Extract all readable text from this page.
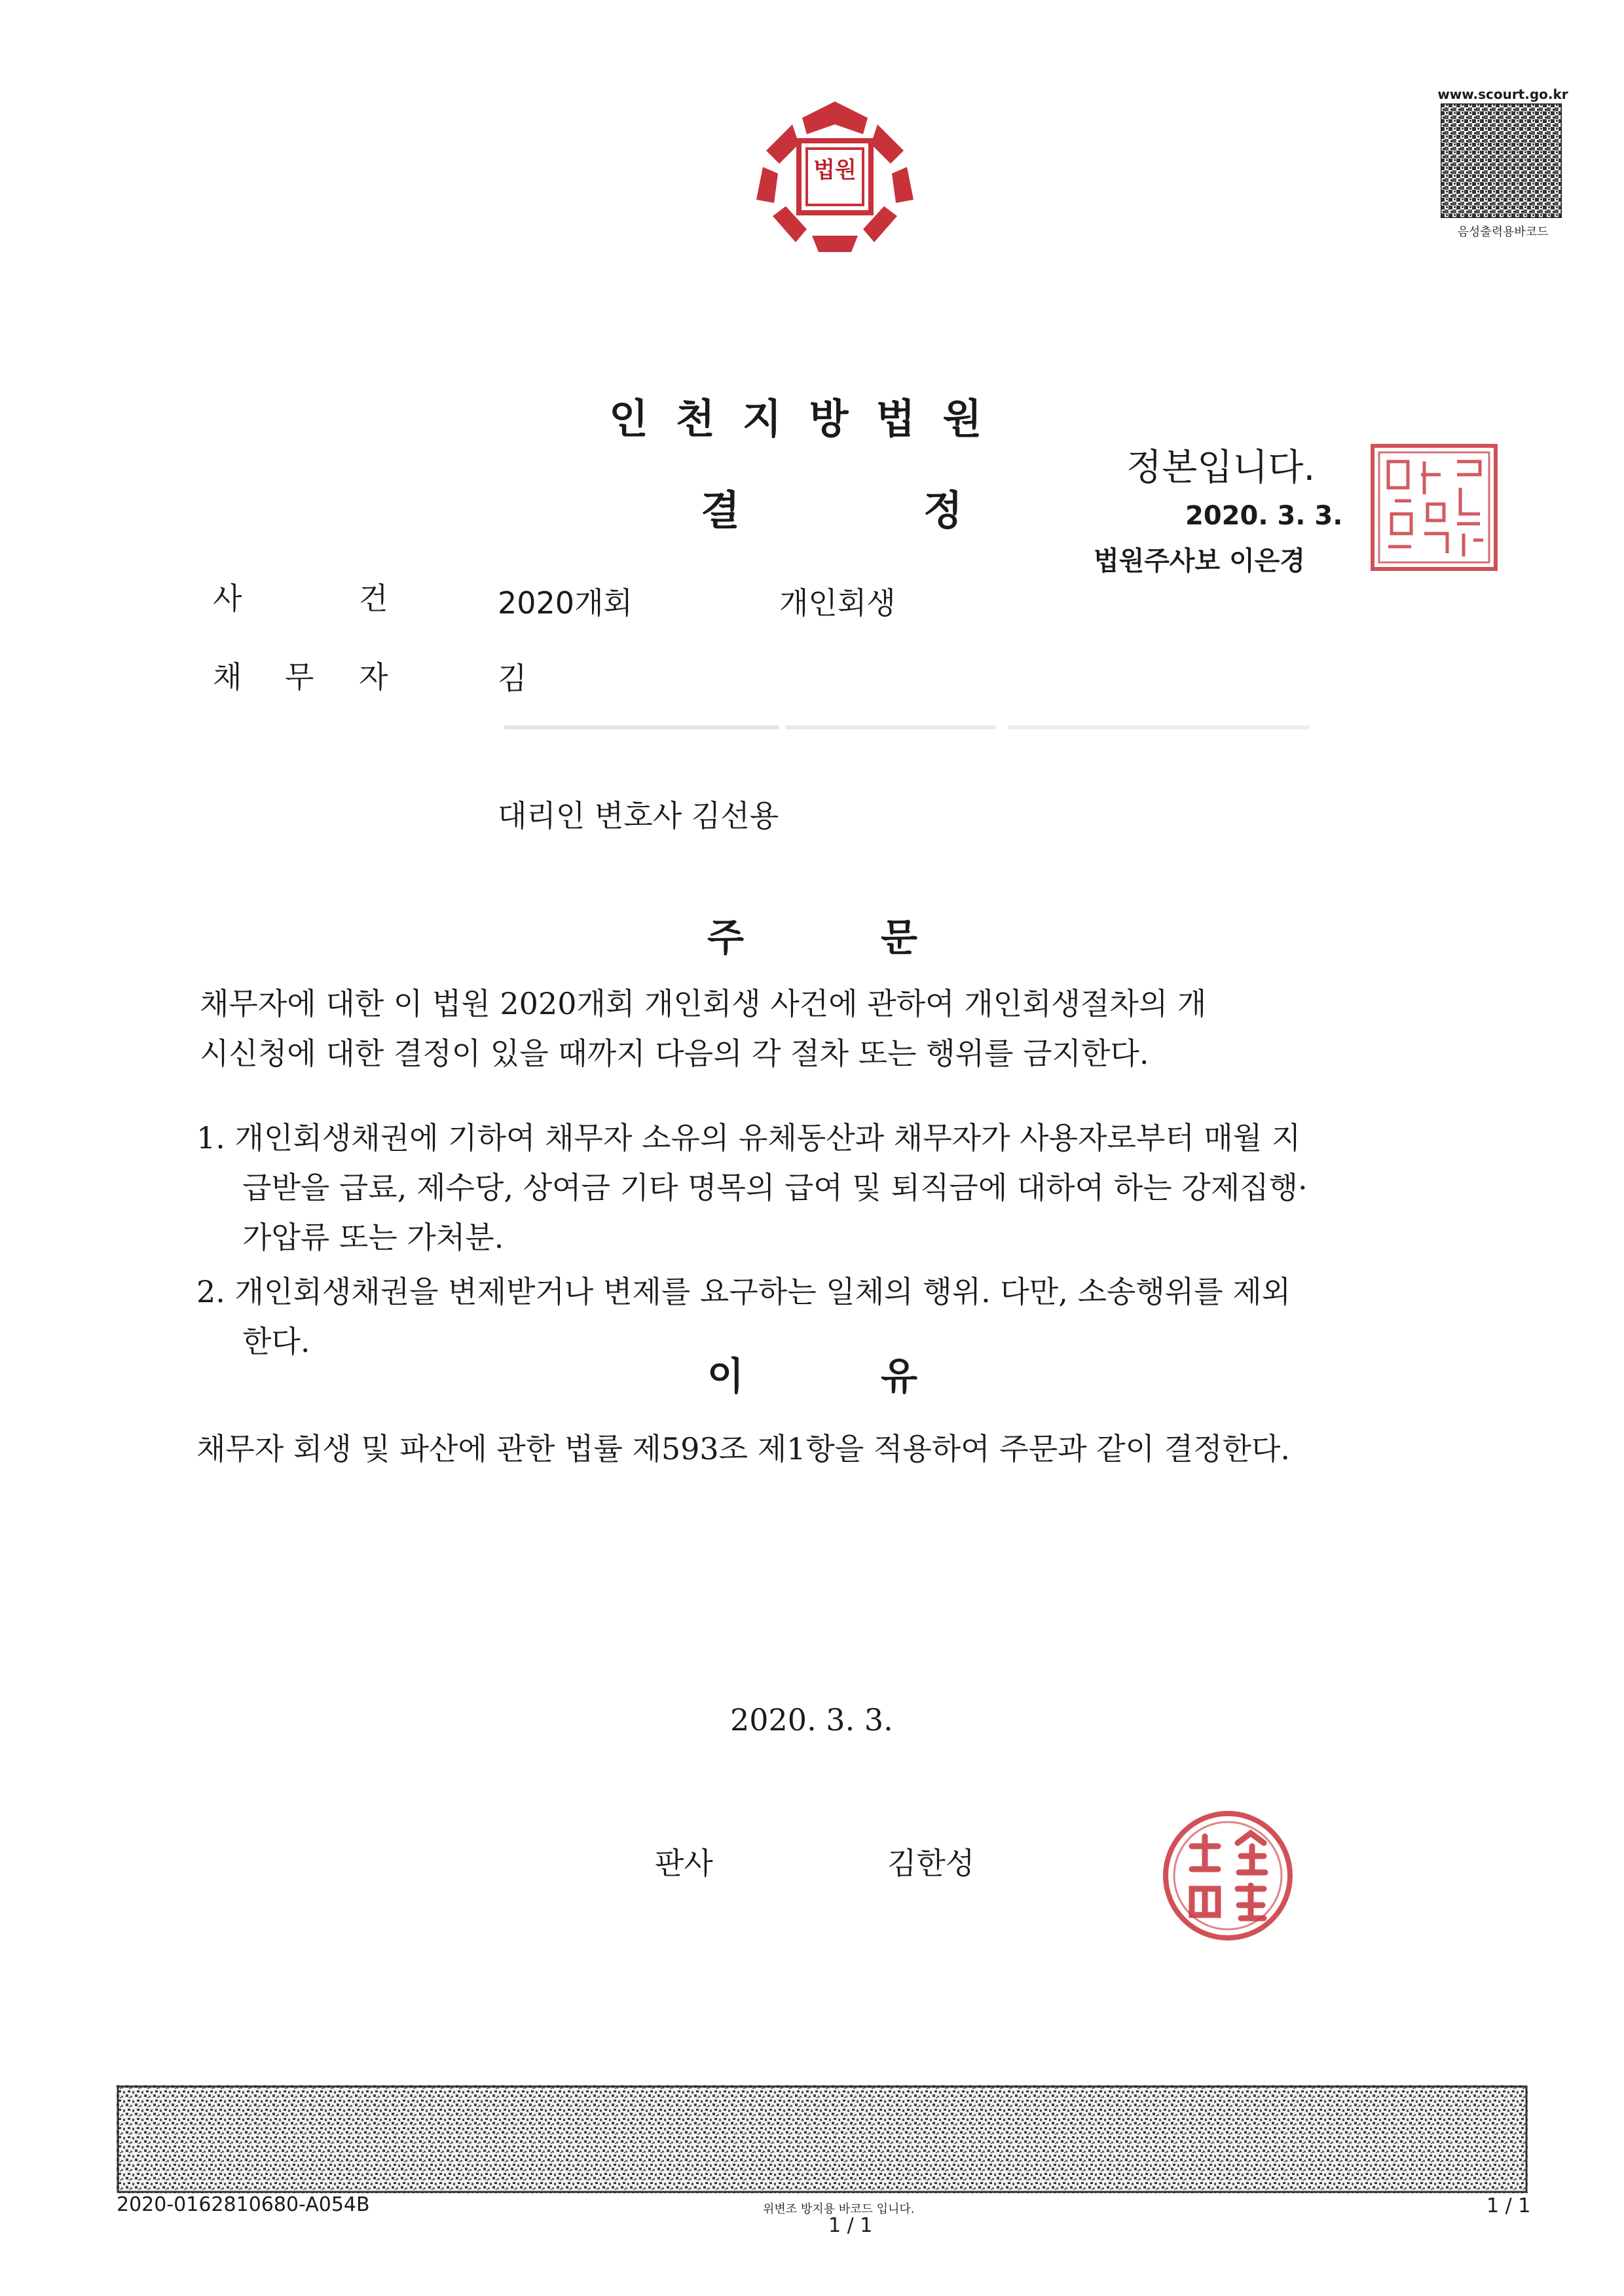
법원
www.scourt.go.kr
음성출력용바코드
인천지방법원
결	정
정본입니다.
2020. 3. 3.
법원주사보 이은경
사	건	2020개회	개인회생
채 무 자	김
대리인 변호사 김선용
주	문
채무자에 대한 이 법원 2020개회 개인회생 사건에 관하여 개인회생절차의 개
시신청에 대한 결정이 있을 때까지 다음의 각 절차 또는 행위를 금지한다.
1. 개인회생채권에 기하여 채무자 소유의 유체동산과 채무자가 사용자로부터 매월 지
급받을 급료, 제수당, 상여금 기타 명목의 급여 및 퇴직금에 대하여 하는 강제집행·
가압류 또는 가처분.
2. 개인회생채권을 변제받거나 변제를 요구하는 일체의 행위. 다만, 소송행위를 제외
한다.
이	유
채무자 회생 및 파산에 관한 법률 제593조 제1항을 적용하여 주문과 같이 결정한다.
2020. 3. 3.
판사	김한성
2020-0162810680-A054B	위변조 방지용 바코드 입니다.
1 / 1
1 / 1
